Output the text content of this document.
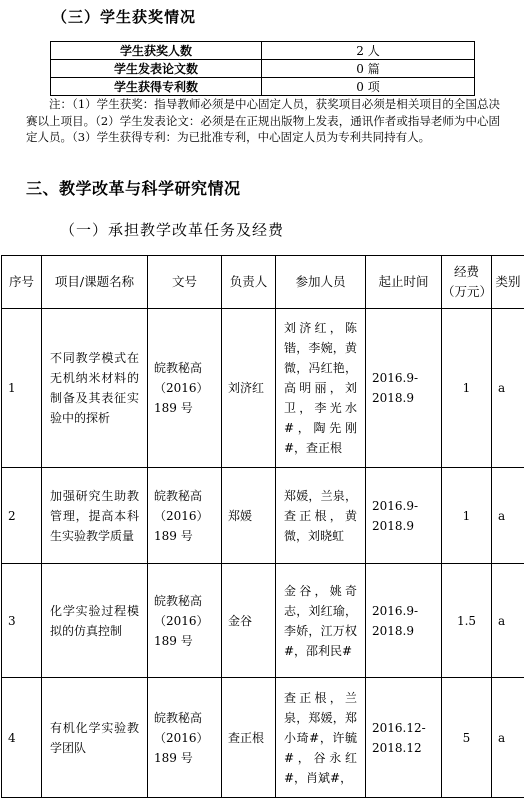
（三）学生获奖情况
学生获奖人数	2 人
学生发表论文数	0 篇
学生获得专利数	0 项
注：（1）学生获奖：指导教师必须是中心固定人员，获奖项目必须是相关项目的全国总决赛以上项目。（2）学生发表论文：必须是在正规出版物上发表，通讯作者或指导老师为中心固定人员。（3）学生获得专利：为已批准专利，中心固定人员为专利共同持有人。
三、教学改革与科学研究情况
（一）承担教学改革任务及经费
序号	项目/课题名称	文号	负责人	参加人员	起止时间	经费（万元）	类别
1	不同教学模式在无机纳米材料的制备及其表征实验中的探析	皖教秘高（2016）189 号	刘济红	刘济红，陈锴，李婉，黄微，冯红艳，高明丽，刘卫，李光水#，陶先刚#，查正根	2016.9-2018.9	1	a
2	加强研究生助教管理，提高本科生实验教学质量	皖教秘高（2016）189 号	郑媛	郑媛，兰泉，查正根，黄微，刘晓虹	2016.9-2018.9	1	a
3	化学实验过程模拟的仿真控制	皖教秘高（2016）189 号	金谷	金谷，姚奇志，刘红瑜，李娇，江万权#，邵利民#	2016.9-2018.9	1.5	a
4	有机化学实验教学团队	皖教秘高（2016）189 号	查正根	查正根，兰泉，郑媛，郑小琦#，许毓#，谷永红#，肖斌#，	2016.12-2018.12	5	a
